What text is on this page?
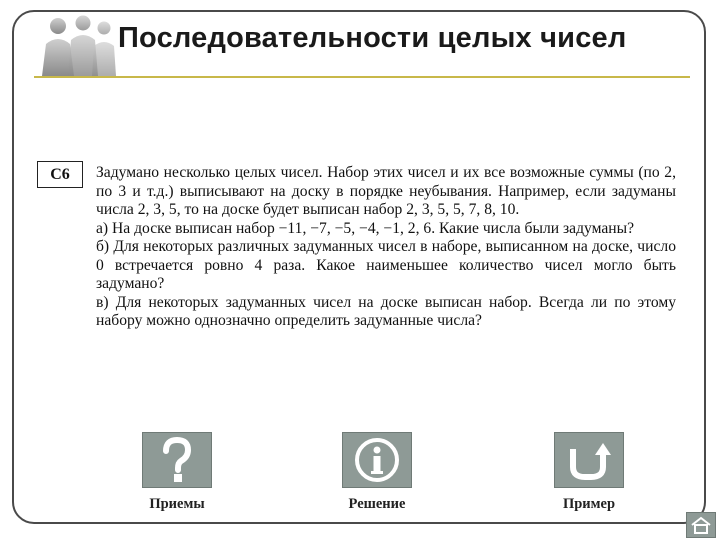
Последовательности целых чисел
С6	Задумано несколько целых чисел. Набор этих чисел и их все возможные суммы (по 2, по 3 и т.д.) выписывают на доску в порядке неубывания. Например, если задуманы числа 2, 3, 5, то на доске будет выписан набор 2, 3, 5, 5, 7, 8, 10.

а) На доске выписан набор −11, −7, −5, −4, −1, 2, 6. Какие числа были задуманы?

б) Для некоторых различных задуманных чисел в наборе, выписанном на доске, число 0 встречается ровно 4 раза. Какое наименьшее количество чисел могло быть задумано?

в) Для некоторых задуманных чисел на доске выписан набор. Всегда ли по этому набору можно однозначно определить задуманные числа?

Приемы	Решение	Пример
